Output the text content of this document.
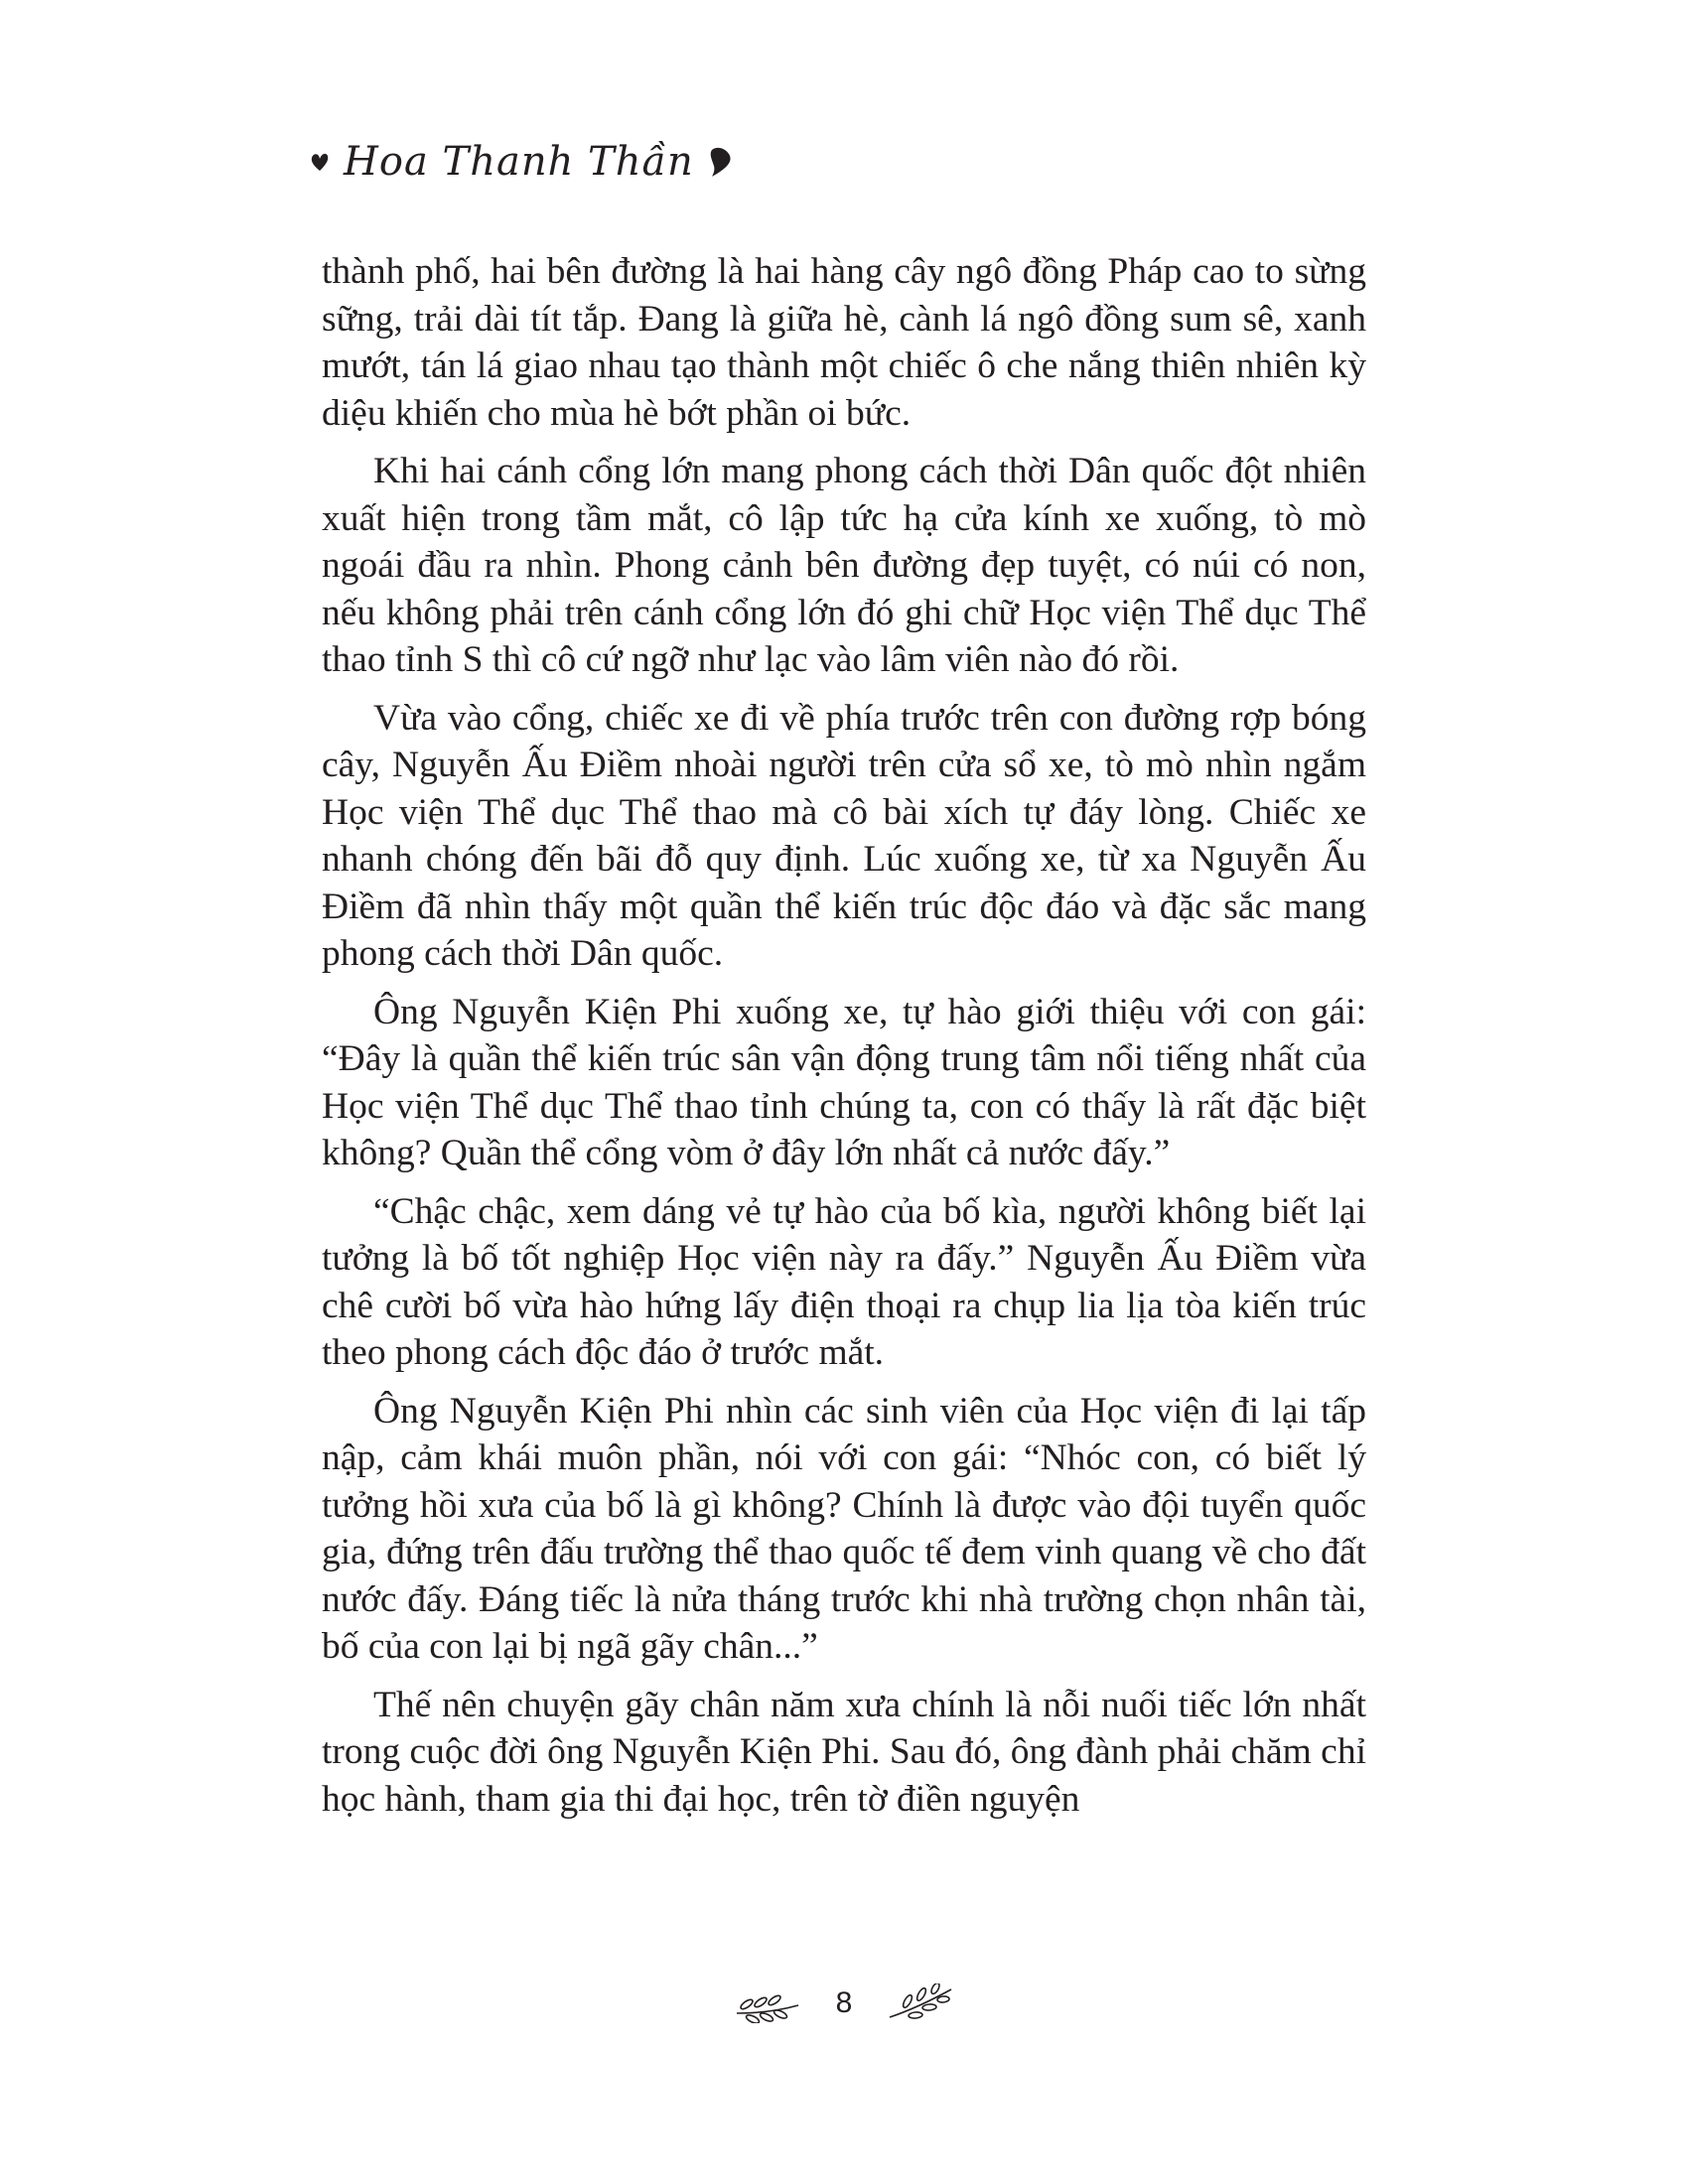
Hoa Thanh Thần

thành phố, hai bên đường là hai hàng cây ngô đồng Pháp cao to sừng sững, trải dài tít tắp. Đang là giữa hè, cành lá ngô đồng sum sê, xanh mướt, tán lá giao nhau tạo thành một chiếc ô che nắng thiên nhiên kỳ diệu khiến cho mùa hè bớt phần oi bức.

Khi hai cánh cổng lớn mang phong cách thời Dân quốc đột nhiên xuất hiện trong tầm mắt, cô lập tức hạ cửa kính xe xuống, tò mò ngoái đầu ra nhìn. Phong cảnh bên đường đẹp tuyệt, có núi có non, nếu không phải trên cánh cổng lớn đó ghi chữ Học viện Thể dục Thể thao tỉnh S thì cô cứ ngỡ như lạc vào lâm viên nào đó rồi.

Vừa vào cổng, chiếc xe đi về phía trước trên con đường rợp bóng cây, Nguyễn Ấu Điềm nhoài người trên cửa sổ xe, tò mò nhìn ngắm Học viện Thể dục Thể thao mà cô bài xích tự đáy lòng. Chiếc xe nhanh chóng đến bãi đỗ quy định. Lúc xuống xe, từ xa Nguyễn Ấu Điềm đã nhìn thấy một quần thể kiến trúc độc đáo và đặc sắc mang phong cách thời Dân quốc.

Ông Nguyễn Kiện Phi xuống xe, tự hào giới thiệu với con gái: “Đây là quần thể kiến trúc sân vận động trung tâm nổi tiếng nhất của Học viện Thể dục Thể thao tỉnh chúng ta, con có thấy là rất đặc biệt không? Quần thể cổng vòm ở đây lớn nhất cả nước đấy.”

“Chậc chậc, xem dáng vẻ tự hào của bố kìa, người không biết lại tưởng là bố tốt nghiệp Học viện này ra đấy.” Nguyễn Ấu Điềm vừa chê cười bố vừa hào hứng lấy điện thoại ra chụp lia lịa tòa kiến trúc theo phong cách độc đáo ở trước mắt.

Ông Nguyễn Kiện Phi nhìn các sinh viên của Học viện đi lại tấp nập, cảm khái muôn phần, nói với con gái: “Nhóc con, có biết lý tưởng hồi xưa của bố là gì không? Chính là được vào đội tuyển quốc gia, đứng trên đấu trường thể thao quốc tế đem vinh quang về cho đất nước đấy. Đáng tiếc là nửa tháng trước khi nhà trường chọn nhân tài, bố của con lại bị ngã gãy chân...”

Thế nên chuyện gãy chân năm xưa chính là nỗi nuối tiếc lớn nhất trong cuộc đời ông Nguyễn Kiện Phi. Sau đó, ông đành phải chăm chỉ học hành, tham gia thi đại học, trên tờ điền nguyện

8
